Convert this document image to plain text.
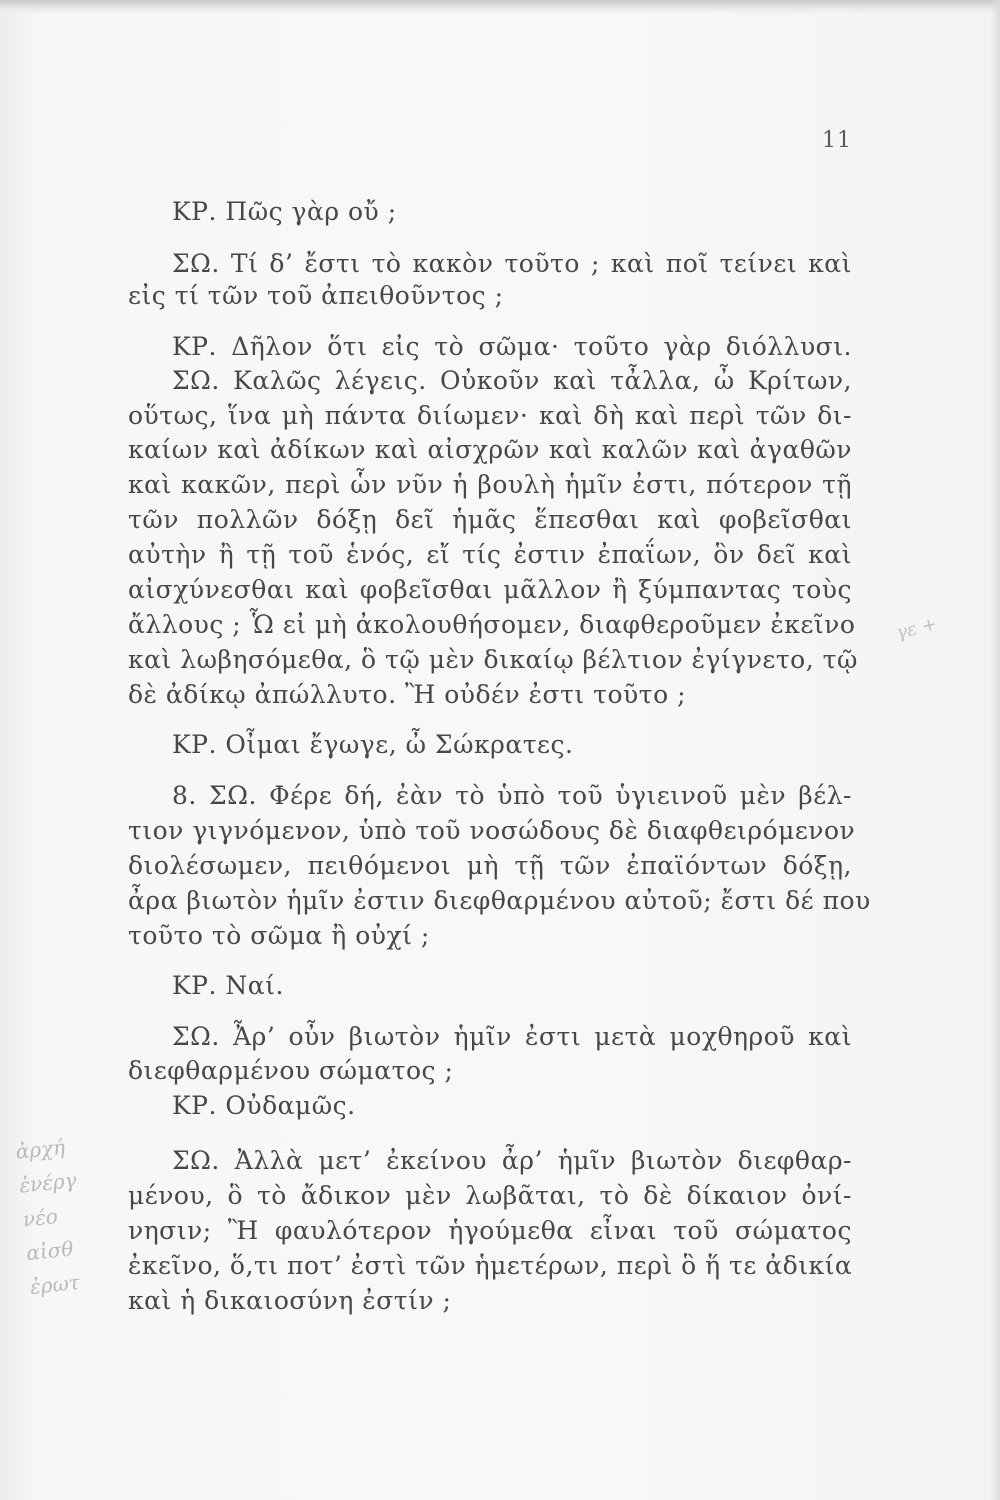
11
ΚΡ. Πῶς γὰρ οὔ ;
ΣΩ. Τί δ’ ἔστι τὸ κακὸν τοῦτο ; καὶ ποῖ τείνει καὶ
εἰς τί τῶν τοῦ ἀπειθοῦντος ;
ΚΡ. Δῆλον ὅτι εἰς τὸ σῶμα· τοῦτο γὰρ διόλλυσι.
ΣΩ. Καλῶς λέγεις. Οὐκοῦν καὶ τἆλλα, ὦ Κρίτων,
οὕτως, ἵνα μὴ πάντα διίωμεν· καὶ δὴ καὶ περὶ τῶν δι-
καίων καὶ ἀδίκων καὶ αἰσχρῶν καὶ καλῶν καὶ ἀγαθῶν
καὶ κακῶν, περὶ ὧν νῦν ἡ βουλὴ ἡμῖν ἐστι, πότερον τῇ
τῶν πολλῶν δόξῃ δεῖ ἡμᾶς ἕπεσθαι καὶ φοβεῖσθαι
αὐτὴν ἢ τῇ τοῦ ἑνός, εἴ τίς ἐστιν ἐπαΐων, ὃν δεῖ καὶ
αἰσχύνεσθαι καὶ φοβεῖσθαι μᾶλλον ἢ ξύμπαντας τοὺς
ἄλλους ; Ὧ εἰ μὴ ἀκολουθήσομεν, διαφθεροῦμεν ἐκεῖνο
καὶ λωβησόμεθα, ὃ τῷ μὲν δικαίῳ βέλτιον ἐγίγνετο, τῷ
δὲ ἀδίκῳ ἀπώλλυτο. Ἢ οὐδέν ἐστι τοῦτο ;
ΚΡ. Οἶμαι ἔγωγε, ὦ Σώκρατες.
8. ΣΩ. Φέρε δή, ἐὰν τὸ ὑπὸ τοῦ ὑγιεινοῦ μὲν βέλ-
τιον γιγνόμενον, ὑπὸ τοῦ νοσώδους δὲ διαφθειρόμενον
διολέσωμεν, πειθόμενοι μὴ τῇ τῶν ἐπαϊόντων δόξῃ,
ἆρα βιωτὸν ἡμῖν ἐστιν διεφθαρμένου αὐτοῦ; ἔστι δέ που
τοῦτο τὸ σῶμα ἢ οὐχί ;
ΚΡ. Ναί.
ΣΩ. Ἆρ’ οὖν βιωτὸν ἡμῖν ἐστι μετὰ μοχθηροῦ καὶ
διεφθαρμένου σώματος ;
ΚΡ. Οὐδαμῶς.
ΣΩ. Ἀλλὰ μετ’ ἐκείνου ἆρ’ ἡμῖν βιωτὸν διεφθαρ-
μένου, ὃ τὸ ἄδικον μὲν λωβᾶται, τὸ δὲ δίκαιον ὀνί-
νησιν; Ἢ φαυλότερον ἡγούμεθα εἶναι τοῦ σώματος
ἐκεῖνο, ὅ,τι ποτ’ ἐστὶ τῶν ἡμετέρων, περὶ ὃ ἥ τε ἀδικία
καὶ ἡ δικαιοσύνη ἐστίν ;
ἀρχή
ἐνέργ
νέο
αἰσθ
ἐρωτ
γε +
